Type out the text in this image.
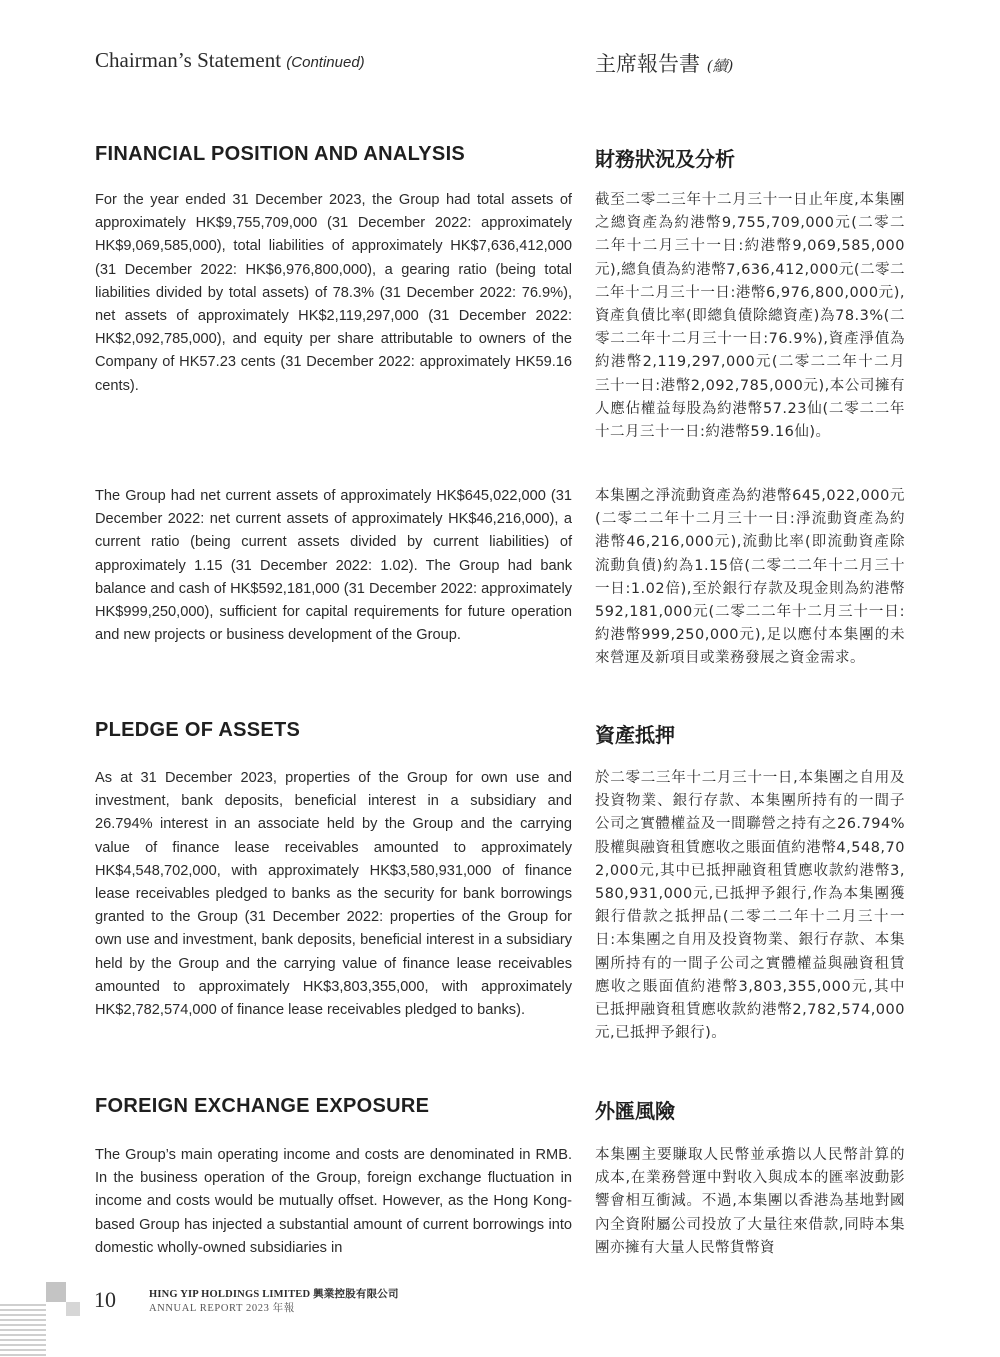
Chairman’s Statement (Continued)	主席報告書 (續)
FINANCIAL POSITION AND ANALYSIS	財務狀況及分析

For the year ended 31 December 2023, the Group had total assets of approximately HK$9,755,709,000 (31 December 2022: approximately HK$9,069,585,000), total liabilities of approximately HK$7,636,412,000 (31 December 2022: HK$6,976,800,000), a gearing ratio (being total liabilities divided by total assets) of 78.3% (31 December 2022: 76.9%), net assets of approximately HK$2,119,297,000 (31 December 2022: HK$2,092,785,000), and equity per share attributable to owners of the Company of HK57.23 cents (31 December 2022: approximately HK59.16 cents).

截至二零二三年十二月三十一日止年度,本集團之總資產為約港幣9,755,709,000元(二零二二年十二月三十一日:約港幣9,069,585,000元),總負債為約港幣7,636,412,000元(二零二二年十二月三十一日:港幣6,976,800,000元),資產負債比率(即總負債除總資產)為78.3%(二零二二年十二月三十一日:76.9%),資產淨值為約港幣2,119,297,000元(二零二二年十二月三十一日:港幣2,092,785,000元),本公司擁有人應佔權益每股為約港幣57.23仙(二零二二年十二月三十一日:約港幣59.16仙)。

The Group had net current assets of approximately HK$645,022,000 (31 December 2022: net current assets of approximately HK$46,216,000), a current ratio (being current assets divided by current liabilities) of approximately 1.15 (31 December 2022: 1.02). The Group had bank balance and cash of HK$592,181,000 (31 December 2022: approximately HK$999,250,000), sufficient for capital requirements for future operation and new projects or business development of the Group.

本集團之淨流動資產為約港幣645,022,000元(二零二二年十二月三十一日:淨流動資產為約港幣46,216,000元),流動比率(即流動資產除流動負債)約為1.15倍(二零二二年十二月三十一日:1.02倍),至於銀行存款及現金則為約港幣592,181,000元(二零二二年十二月三十一日:約港幣999,250,000元),足以應付本集團的未來營運及新項目或業務發展之資金需求。

PLEDGE OF ASSETS	資產抵押

As at 31 December 2023, properties of the Group for own use and investment, bank deposits, beneficial interest in a subsidiary and 26.794% interest in an associate held by the Group and the carrying value of finance lease receivables amounted to approximately HK$4,548,702,000, with approximately HK$3,580,931,000 of finance lease receivables pledged to banks as the security for bank borrowings granted to the Group (31 December 2022: properties of the Group for own use and investment, bank deposits, beneficial interest in a subsidiary held by the Group and the carrying value of finance lease receivables amounted to approximately HK$3,803,355,000, with approximately HK$2,782,574,000 of finance lease receivables pledged to banks).

於二零二三年十二月三十一日,本集團之自用及投資物業、銀行存款、本集團所持有的一間子公司之實體權益及一間聯營之持有之26.794%股權與融資租賃應收之賬面值約港幣4,548,702,000元,其中已抵押融資租賃應收款約港幣3,580,931,000元,已抵押予銀行,作為本集團獲銀行借款之抵押品(二零二二年十二月三十一日:本集團之自用及投資物業、銀行存款、本集團所持有的一間子公司之實體權益與融資租賃應收之賬面值約港幣3,803,355,000元,其中已抵押融資租賃應收款約港幣2,782,574,000元,已抵押予銀行)。

FOREIGN EXCHANGE EXPOSURE	外匯風險

The Group’s main operating income and costs are denominated in RMB. In the business operation of the Group, foreign exchange fluctuation in income and costs would be mutually offset. However, as the Hong Kong-based Group has injected a substantial amount of current borrowings into domestic wholly-owned subsidiaries in

本集團主要賺取人民幣並承擔以人民幣計算的成本,在業務營運中對收入與成本的匯率波動影響會相互衝減。不過,本集團以香港為基地對國內全資附屬公司投放了大量往來借款,同時本集團亦擁有大量人民幣貨幣資

10	HING YIP HOLDINGS LIMITED 興業控股有限公司
ANNUAL REPORT 2023 年報
